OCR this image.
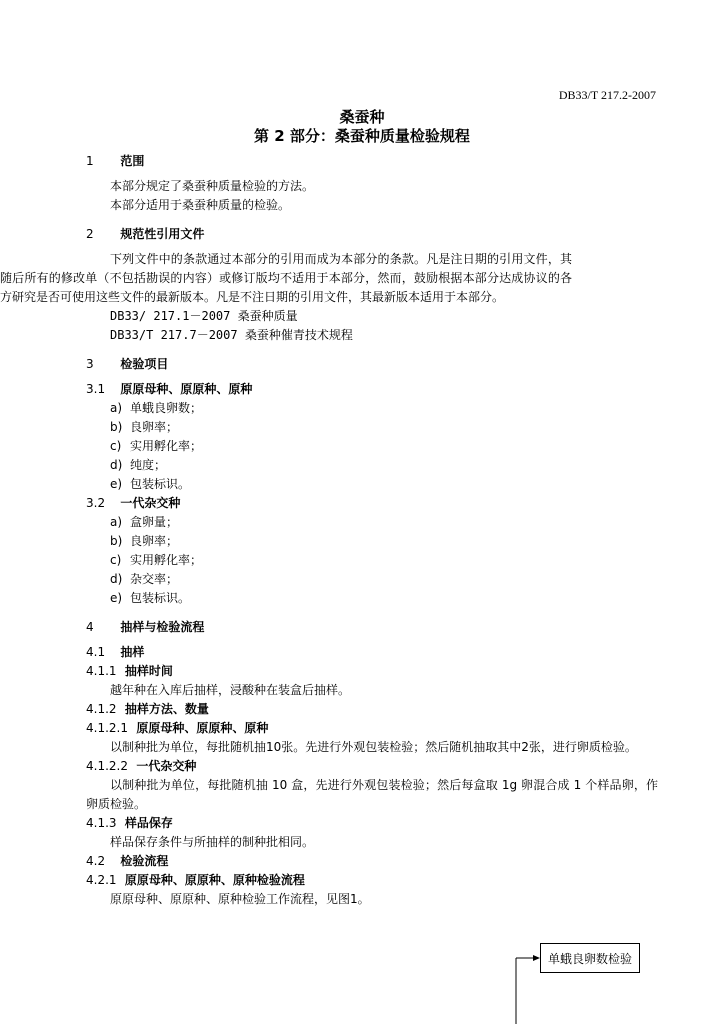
DB33/T 217.2-2007
桑蚕种
第 2 部分：桑蚕种质量检验规程
1 范围
本部分规定了桑蚕种质量检验的方法。
本部分适用于桑蚕种质量的检验。
2 规范性引用文件
下列文件中的条款通过本部分的引用而成为本部分的条款。凡是注日期的引用文件，其随后所有的修改单（不包括勘误的内容）或修订版均不适用于本部分，然而，鼓励根据本部分达成协议的各方研究是否可使用这些文件的最新版本。凡是不注日期的引用文件，其最新版本适用于本部分。
DB33/ 217.1－2007 桑蚕种质量
DB33/T 217.7－2007 桑蚕种催青技术规程
3 检验项目
3.1 原原母种、原原种、原种
a) 单蛾良卵数；
b) 良卵率；
c) 实用孵化率；
d) 纯度；
e) 包装标识。
3.2 一代杂交种
a) 盒卵量；
b) 良卵率；
c) 实用孵化率；
d) 杂交率；
e) 包装标识。
4 抽样与检验流程
4.1 抽样
4.1.1 抽样时间
越年种在入库后抽样，浸酸种在装盒后抽样。
4.1.2 抽样方法、数量
4.1.2.1 原原母种、原原种、原种
以制种批为单位，每批随机抽10张。先进行外观包装检验；然后随机抽取其中2张，进行卵质检验。
4.1.2.2 一代杂交种
以制种批为单位，每批随机抽 10 盒，先进行外观包装检验；然后每盒取 1g 卵混合成 1 个样品卵，作卵质检验。
4.1.3 样品保存
样品保存条件与所抽样的制种批相同。
4.2 检验流程
4.2.1 原原母种、原原种、原种检验流程
原原母种、原原种、原种检验工作流程，见图1。
单蛾良卵数检验
